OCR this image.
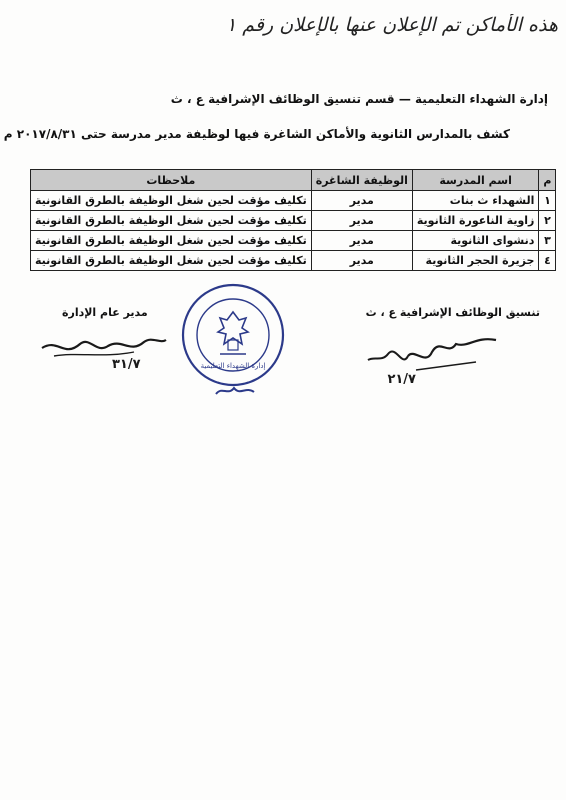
هذه الأماكن تم الإعلان عنها بالإعلان رقم ١
إدارة الشهداء التعليمية — قسم تنسيق الوظائف الإشرافية ع ، ث
كشف بالمدارس الثانوية والأماكن الشاغرة فيها لوظيفة مدير مدرسة حتى ٢٠١٧/٨/٣١ م
م	اسم المدرسة	الوظيفة الشاغرة	ملاحظات
١	الشهداء ث بنات	مدير	تكليف مؤقت لحين شغل الوظيفة بالطرق القانونية
٢	زاوية الناعورة الثانوية	مدير	تكليف مؤقت لحين شغل الوظيفة بالطرق القانونية
٣	دنشواى الثانوية	مدير	تكليف مؤقت لحين شغل الوظيفة بالطرق القانونية
٤	جزيرة الحجر الثانوية	مدير	تكليف مؤقت لحين شغل الوظيفة بالطرق القانونية
تنسيق الوظائف الإشرافية ع ، ث
مدير عام الإدارة
٢١/٧
٣١/٧	إدارة الشهداء التعليمية
